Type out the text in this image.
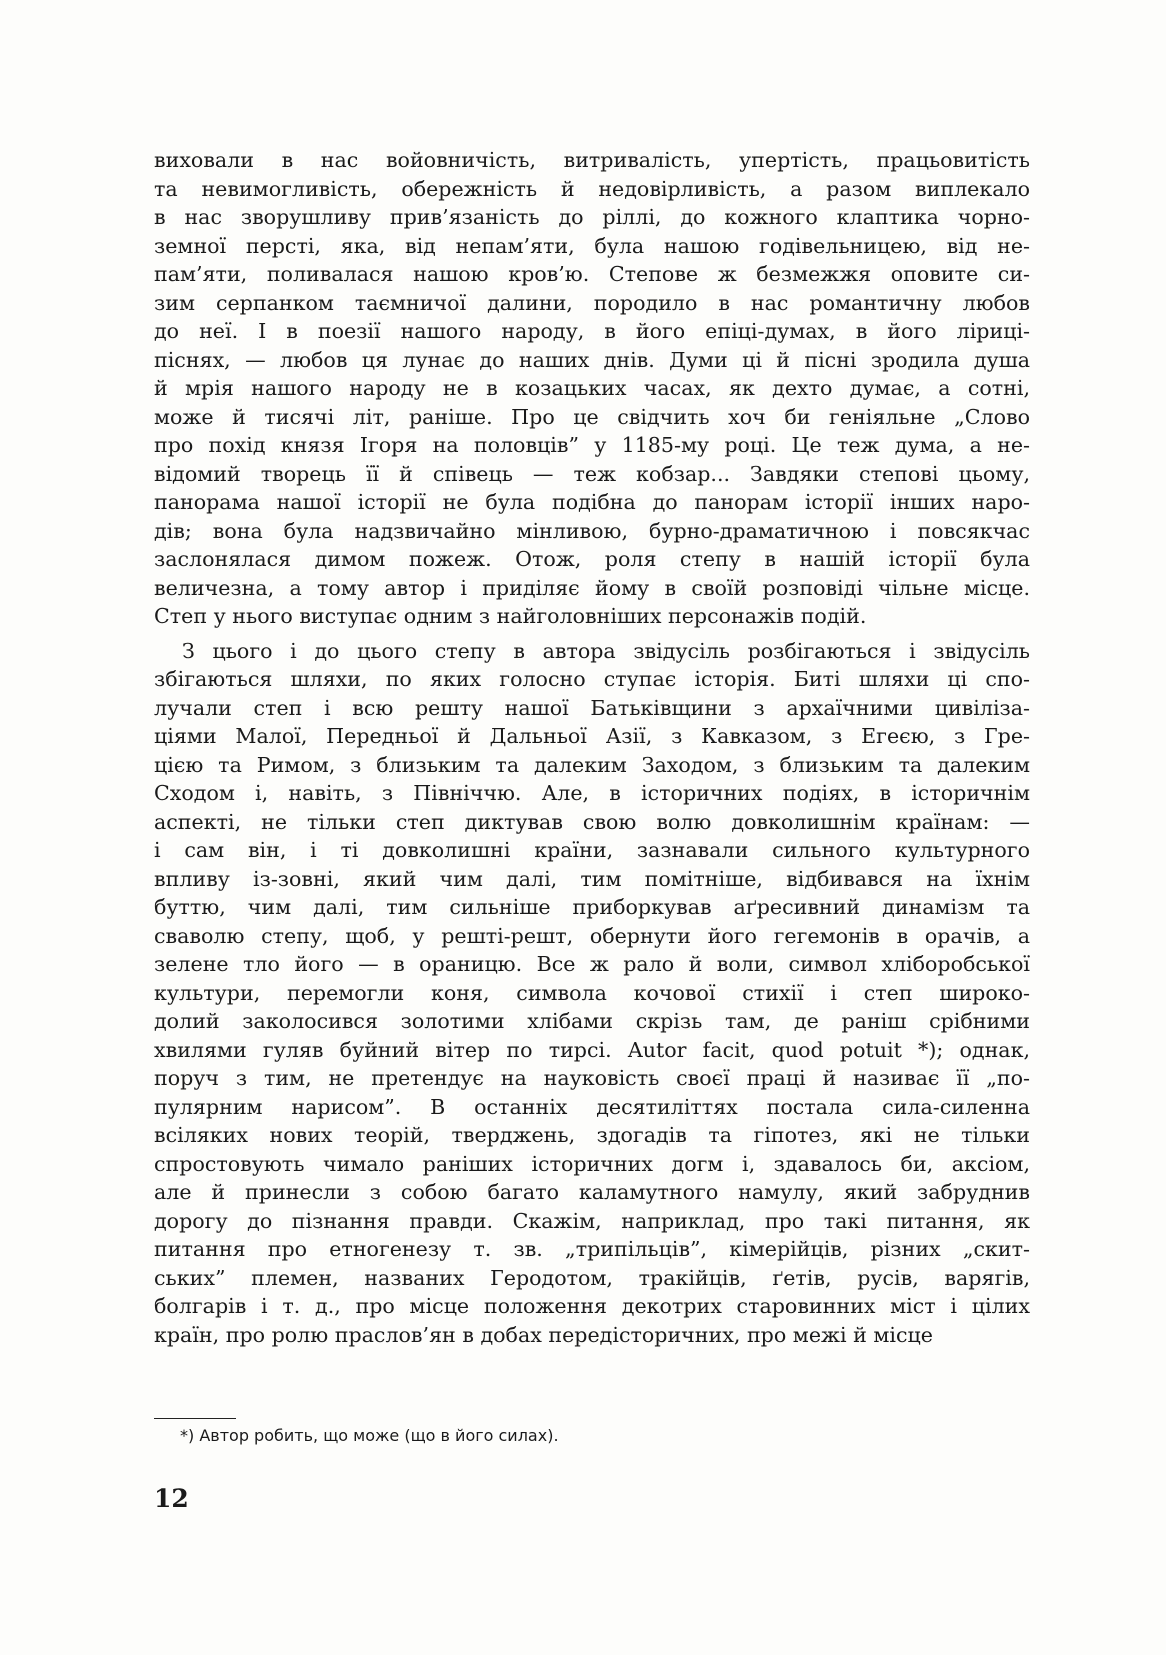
виховали в нас войовничість, витривалість, упертість, працьовитість
та невимогливість, обережність й недовірливість, а разом виплекало
в нас зворушливу прив’язаність до ріллі, до кожного клаптика чорно-
земної персті, яка, від непам’яти, була нашою годівельницею, від не-
пам’яти, поливалася нашою кров’ю. Степове ж безмежжя оповите си-
зим серпанком таємничої далини, породило в нас романтичну любов
до неї. І в поезії нашого народу, в його епіці-думах, в його ліриці-
піснях, — любов ця лунає до наших днів. Думи ці й пісні зродила душа
й мрія нашого народу не в козацьких часах, як дехто думає, а сотні,
може й тисячі літ, раніше. Про це свідчить хоч би геніяльне „Слово
про похід князя Ігоря на половців” у 1185-му році. Це теж дума, а не-
відомий творець її й співець — теж кобзар... Завдяки степові цьому,
панорама нашої історії не була подібна до панорам історії інших наро-
дів; вона була надзвичайно мінливою, бурно-драматичною і повсякчас
заслонялася димом пожеж. Отож, роля степу в нашій історії була
величезна, а тому автор і приділяє йому в своїй розповіді чільне місце.
Степ у нього виступає одним з найголовніших персонажів подій.
З цього і до цього степу в автора звідусіль розбігаються і звідусіль
збігаються шляхи, по яких голосно ступає історія. Биті шляхи ці спо-
лучали степ і всю решту нашої Батьківщини з архаїчними цивіліза-
ціями Малої, Передньої й Дальньої Азії, з Кавказом, з Егеєю, з Гре-
цією та Римом, з близьким та далеким Заходом, з близьким та далеким
Сходом і, навіть, з Північчю. Але, в історичних подіях, в історичнім
аспекті, не тільки степ диктував свою волю довколишнім країнам: —
і сам він, і ті довколишні країни, зазнавали сильного культурного
впливу із-зовні, який чим далі, тим помітніше, відбивався на їхнім
буттю, чим далі, тим сильніше приборкував аґресивний динамізм та
сваволю степу, щоб, у решті-решт, обернути його гегемонів в орачів, а
зелене тло його — в ораницю. Все ж рало й воли, символ хліборобської
культури, перемогли коня, символа кочової стихії і степ широко-
долий заколосився золотими хлібами скрізь там, де раніш срібними
хвилями гуляв буйний вітер по тирсі. Autor facit, quod potuit *); однак,
поруч з тим, не претендує на науковість своєї праці й називає її „по-
пулярним нарисом”. В останніх десятиліттях постала сила-силенна
всіляких нових теорій, тверджень, здогадів та гіпотез, які не тільки
спростовують чимало раніших історичних догм і, здавалось би, аксіом,
але й принесли з собою багато каламутного намулу, який забруднив
дорогу до пізнання правди. Скажім, наприклад, про такі питання, як
питання про етногенезу т. зв. „трипільців”, кімерійців, різних „скит-
ських” племен, названих Геродотом, тракійців, ґетів, русів, варягів,
болгарів і т. д., про місце положення декотрих старовинних міст і цілих
країн, про ролю праслов’ян в добах передісторичних, про межі й місце
*) Автор робить, що може (що в його силах).
12
